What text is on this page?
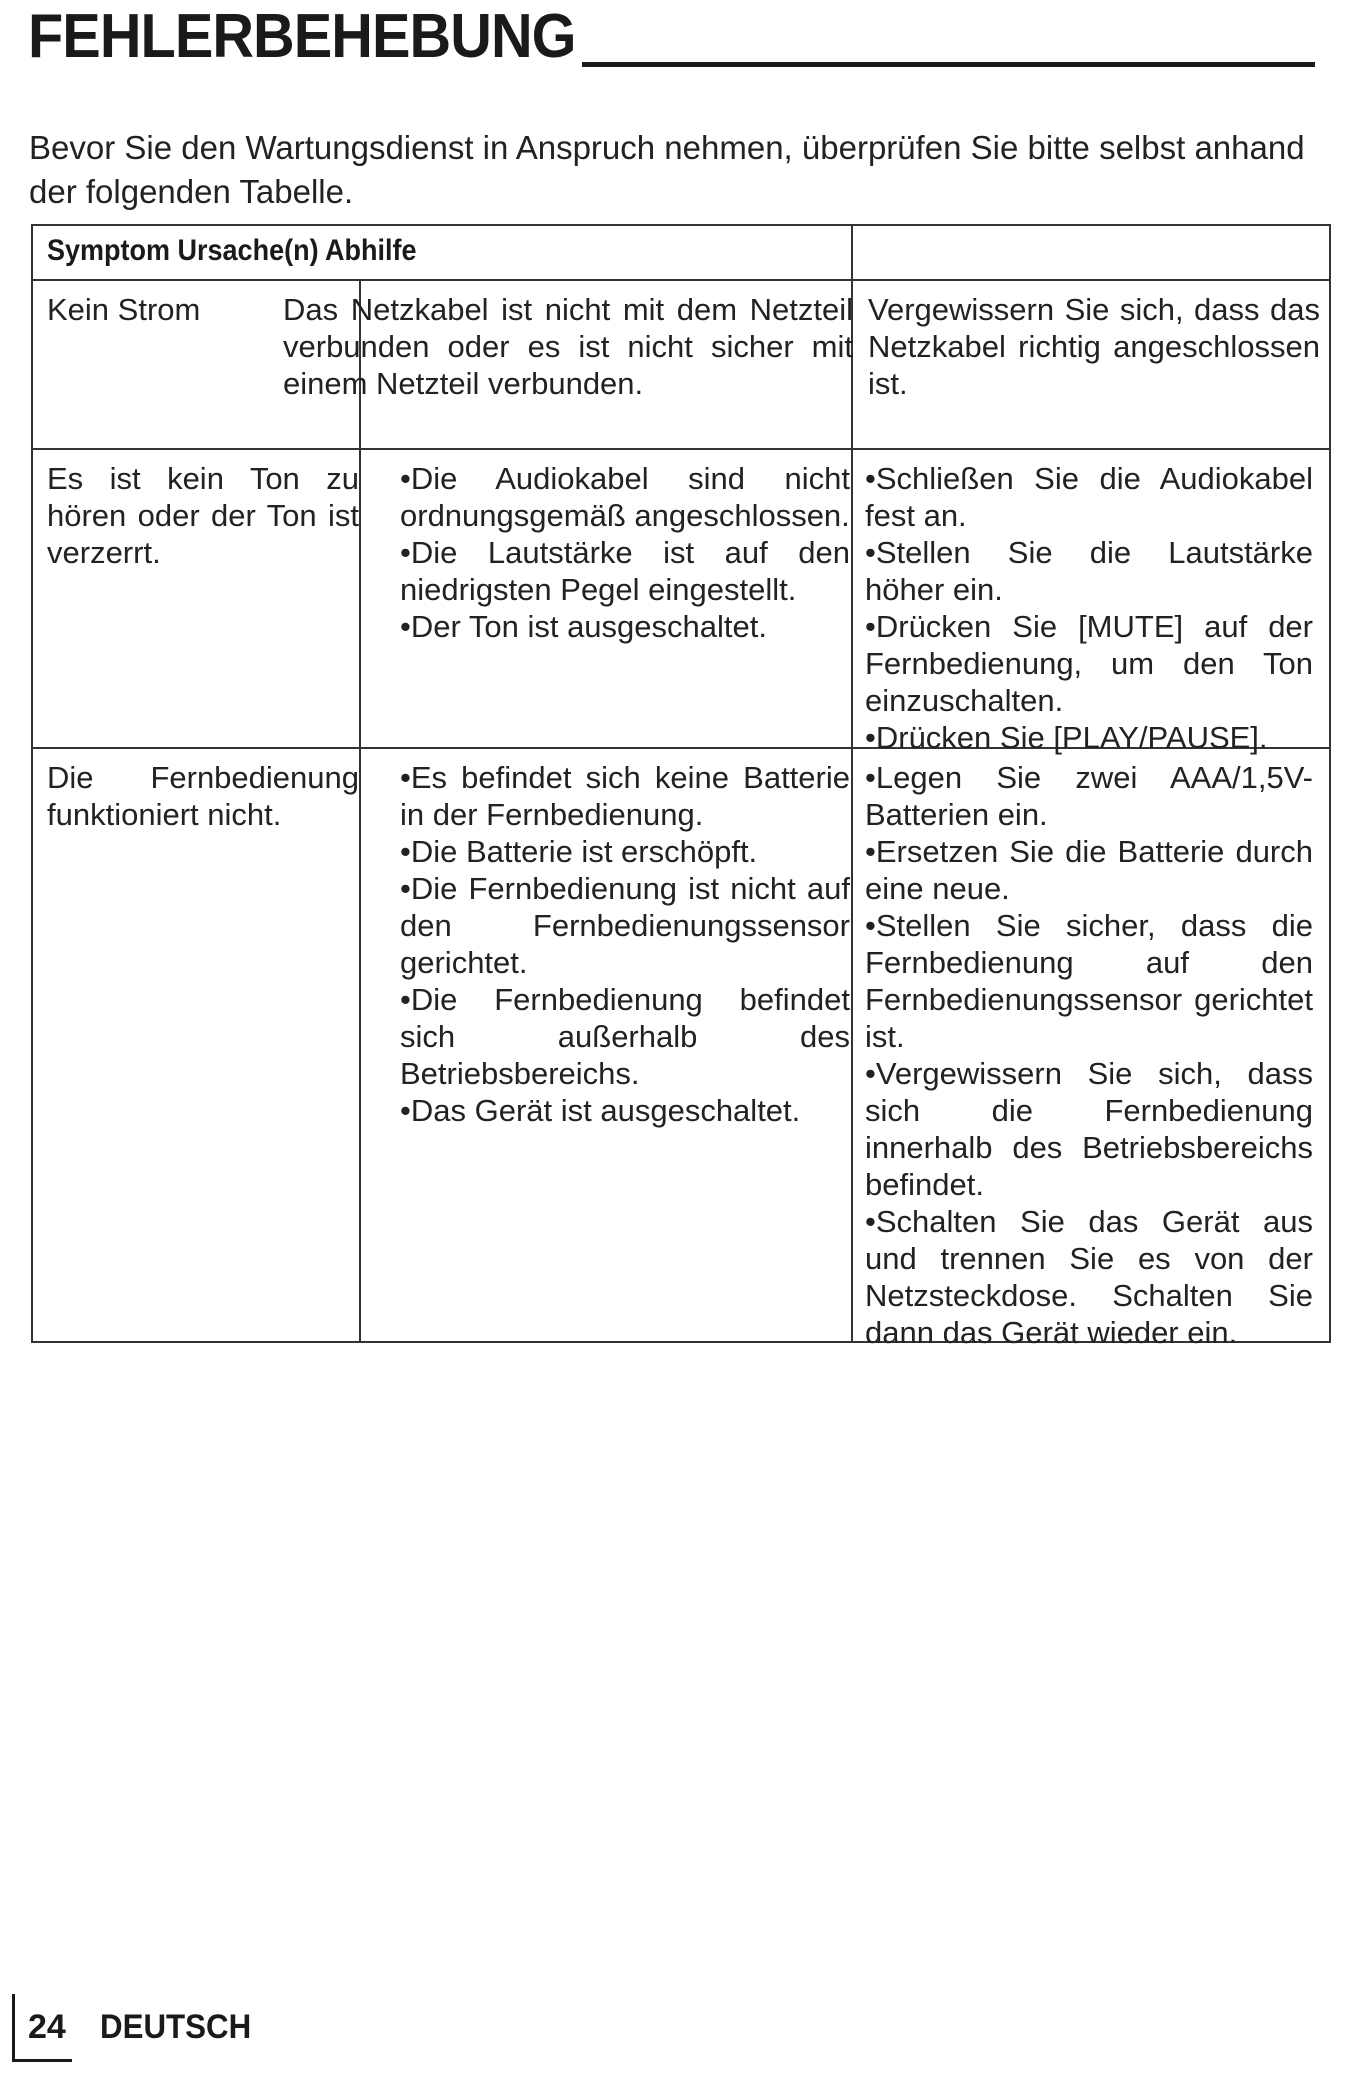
FEHLERBEHEBUNG

Bevor Sie den Wartungsdienst in Anspruch nehmen, überprüfen Sie bitte selbst anhand der folgenden Tabelle.

Symptom Ursache(n) Abhilfe
Kein Strom	Das Netzkabel ist nicht mit dem Netzteil verbunden oder es ist nicht sicher mit einem Netzteil verbunden.
Vergewissern Sie sich, dass das Netzkabel richtig angeschlossen ist.
Es ist kein Ton zu hören oder der Ton ist verzerrt.
• Die Audiokabel sind nicht ordnungsgemäß angeschlossen.
• Die Lautstärke ist auf den niedrigsten Pegel eingestellt.
• Der Ton ist ausgeschaltet.
• Schließen Sie die Audiokabel fest an.
• Stellen Sie die Lautstärke höher ein.
• Drücken Sie [MUTE] auf der Fernbedienung, um den Ton einzuschalten.
• Drücken Sie [PLAY/PAUSE].
Die Fernbedienung funktioniert nicht.
• Es befindet sich keine Batterie in der Fernbedienung.
• Die Batterie ist erschöpft.
• Die Fernbedienung ist nicht auf den Fernbedienungssensor gerichtet.
• Die Fernbedienung befindet sich außerhalb des Betriebsbereichs.
• Das Gerät ist ausgeschaltet.
• Legen Sie zwei AAA/1,5V-Batterien ein.
• Ersetzen Sie die Batterie durch eine neue.
• Stellen Sie sicher, dass die Fernbedienung auf den Fernbedienungssensor gerichtet ist.
• Vergewissern Sie sich, dass sich die Fernbedienung innerhalb des Betriebsbereichs befindet.
• Schalten Sie das Gerät aus und trennen Sie es von der Netzsteckdose. Schalten Sie dann das Gerät wieder ein.
24 DEUTSCH
